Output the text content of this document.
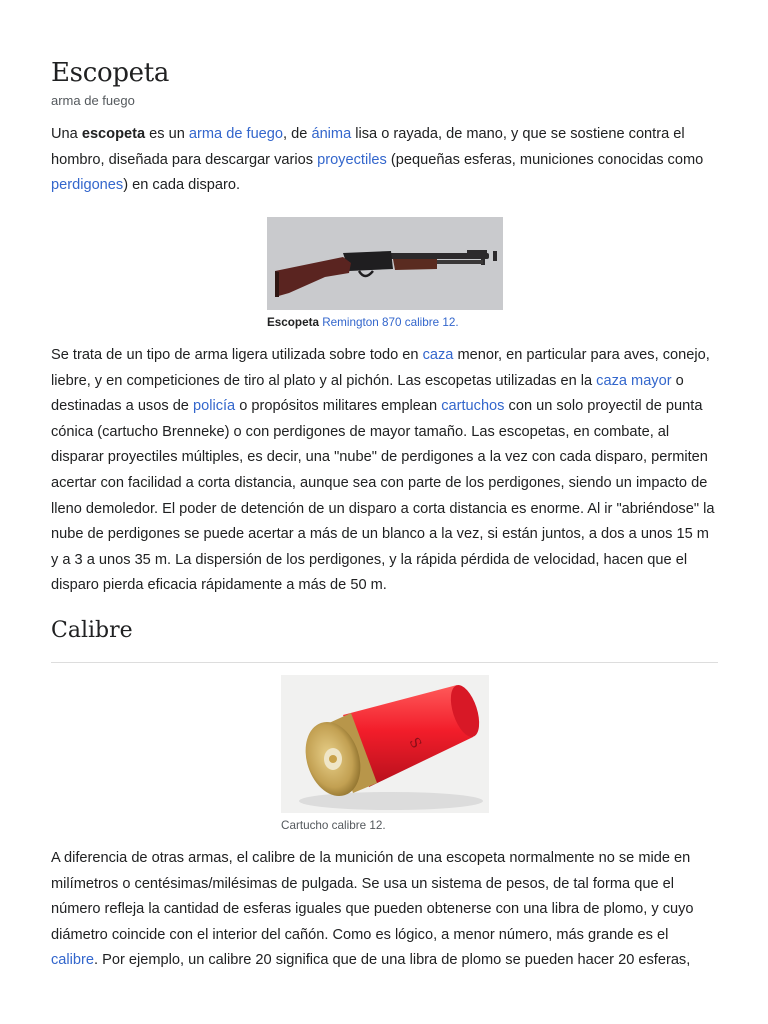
Escopeta
arma de fuego

Una escopeta es un arma de fuego, de ánima lisa o rayada, de mano, y que se sostiene contra el hombro, diseñada para descargar varios proyectiles (pequeñas esferas, municiones conocidas como perdigones) en cada disparo.

Escopeta Remington 870 calibre 12.

Se trata de un tipo de arma ligera utilizada sobre todo en caza menor, en particular para aves, conejo, liebre, y en competiciones de tiro al plato y al pichón. Las escopetas utilizadas en la caza mayor o destinadas a usos de policía o propósitos militares emplean cartuchos con un solo proyectil de punta cónica (cartucho Brenneke) o con perdigones de mayor tamaño. Las escopetas, en combate, al disparar proyectiles múltiples, es decir, una "nube" de perdigones a la vez con cada disparo, permiten acertar con facilidad a corta distancia, aunque sea con parte de los perdigones, siendo un impacto de lleno demoledor. El poder de detención de un disparo a corta distancia es enorme. Al ir "abriéndose" la nube de perdigones se puede acertar a más de un blanco a la vez, si están juntos, a dos a unos 15 m y a 3 a unos 35 m. La dispersión de los perdigones, y la rápida pérdida de velocidad, hacen que el disparo pierda eficacia rápidamente a más de 50 m.

Calibre
S
Cartucho calibre 12.

A diferencia de otras armas, el calibre de la munición de una escopeta normalmente no se mide en milímetros o centésimas/milésimas de pulgada. Se usa un sistema de pesos, de tal forma que el número refleja la cantidad de esferas iguales que pueden obtenerse con una libra de plomo, y cuyo diámetro coincide con el interior del cañón. Como es lógico, a menor número, más grande es el calibre. Por ejemplo, un calibre 20 significa que de una libra de plomo se pueden hacer 20 esferas,
